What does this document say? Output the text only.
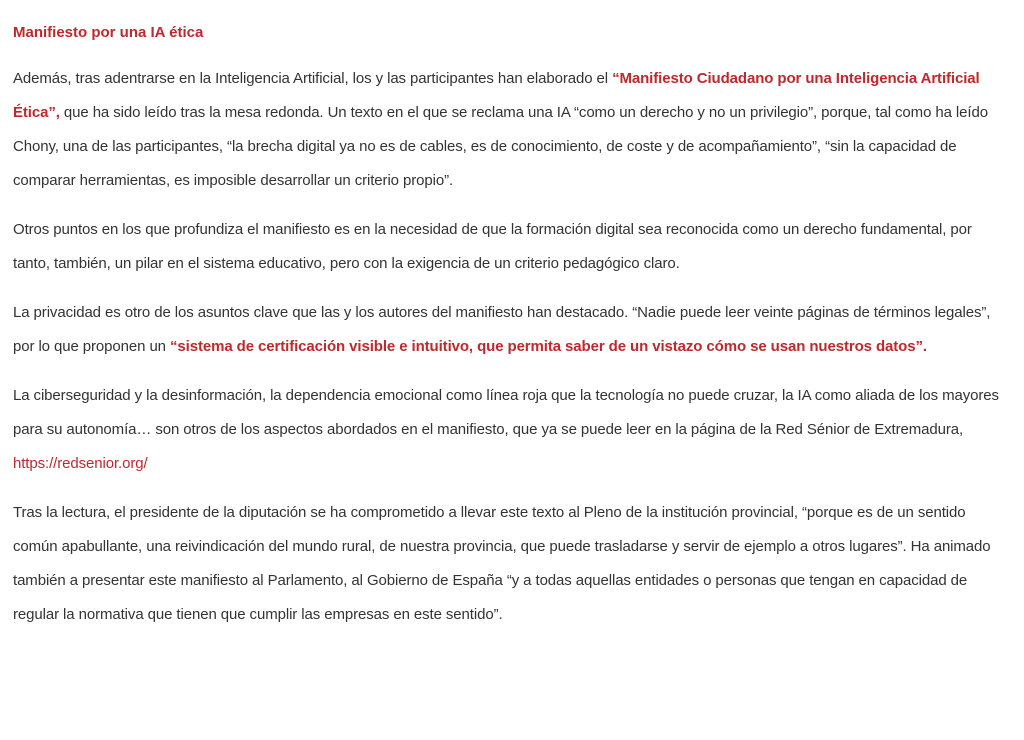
Manifiesto por una IA ética

Además, tras adentrarse en la Inteligencia Artificial, los y las participantes han elaborado el “Manifiesto Ciudadano por una Inteligencia Artificial Ética”, que ha sido leído tras la mesa redonda. Un texto en el que se reclama una IA “como un derecho y no un privilegio”, porque, tal como ha leído Chony, una de las participantes, “la brecha digital ya no es de cables, es de conocimiento, de coste y de acompañamiento”, “sin la capacidad de comparar herramientas, es imposible desarrollar un criterio propio”.

Otros puntos en los que profundiza el manifiesto es en la necesidad de que la formación digital sea reconocida como un derecho fundamental, por tanto, también, un pilar en el sistema educativo, pero con la exigencia de un criterio pedagógico claro.

La privacidad es otro de los asuntos clave que las y los autores del manifiesto han destacado. “Nadie puede leer veinte páginas de términos legales”, por lo que proponen un “sistema de certificación visible e intuitivo, que permita saber de un vistazo cómo se usan nuestros datos”.

La ciberseguridad y la desinformación, la dependencia emocional como línea roja que la tecnología no puede cruzar, la IA como aliada de los mayores para su autonomía… son otros de los aspectos abordados en el manifiesto, que ya se puede leer en la página de la Red Sénior de Extremadura, https://redsenior.org/

Tras la lectura, el presidente de la diputación se ha comprometido a llevar este texto al Pleno de la institución provincial, “porque es de un sentido común apabullante, una reivindicación del mundo rural, de nuestra provincia, que puede trasladarse y servir de ejemplo a otros lugares”. Ha animado también a presentar este manifiesto al Parlamento, al Gobierno de España “y a todas aquellas entidades o personas que tengan en capacidad de regular la normativa que tienen que cumplir las empresas en este sentido”.
